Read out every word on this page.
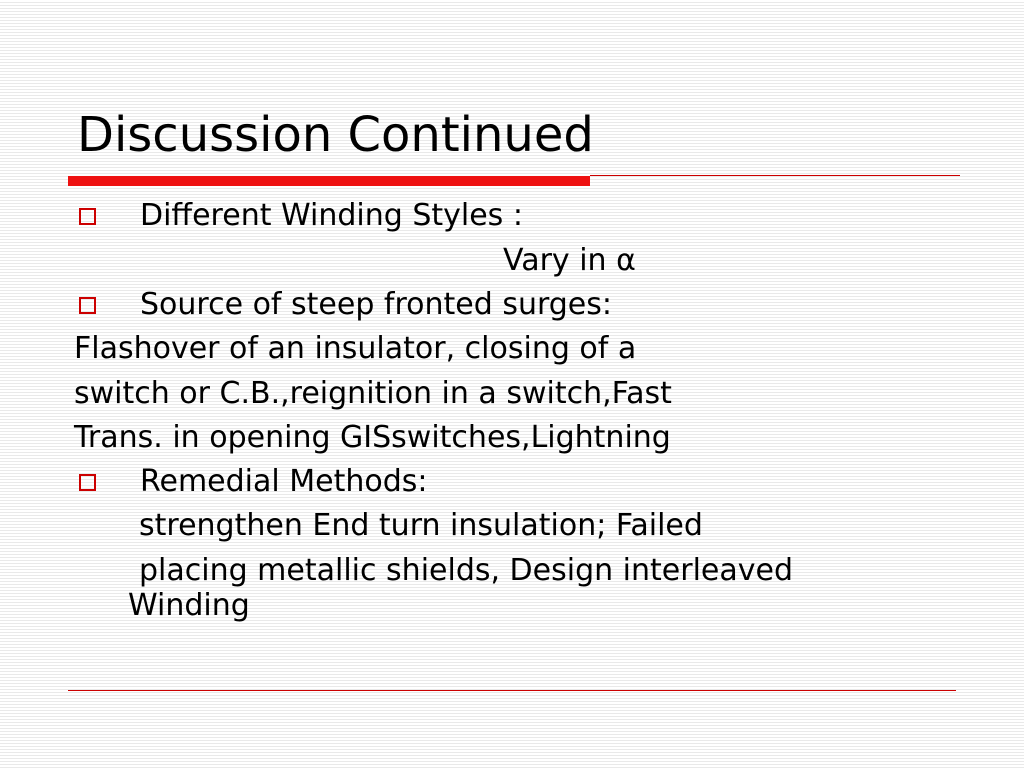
Discussion Continued
Different Winding Styles :
Vary in α
Source of steep fronted surges:
Flashover of an insulator, closing of a
switch or C.B.,reignition in a switch,Fast
Trans. in opening GISswitches,Lightning
Remedial Methods:
strengthen End turn insulation; Failed
placing metallic shields, Design interleaved
Winding
